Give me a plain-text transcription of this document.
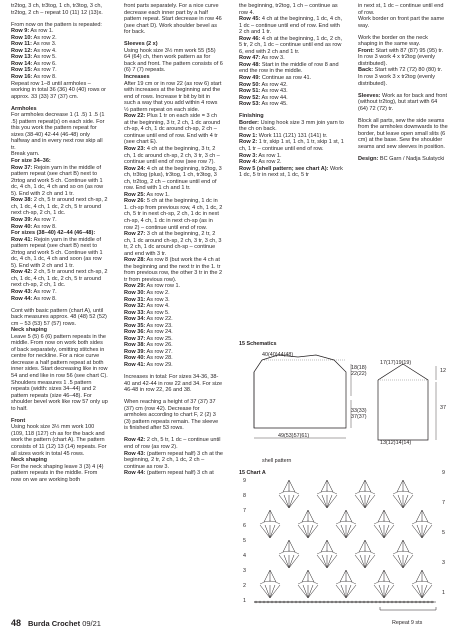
tr2tog, 3 ch, tr3tog, 1 ch, tr3tog, 3 ch, tr2tog, 2 ch – repeat 10 (11) 12 (13)x.

From now on the pattern is repeated:

Row 9: As row 1.

Row 10: As row 2.

Row 11: As row 3.

Row 12: As row 4.

Row 13: As row 5.

Row 14: As row 6.

Row 15: As row 7.

Row 16: As row 8.

Repeat row 1–8 until armholes – working in total 36 (36) 40 (40) rows or approx. 33 (33) 37 (37) cm.

Armholes

For armholes decrease 1 (1 .5) 1 .5 (1 .5) pattern repeat(s) on each side. For this you work the pattern repeat for sizes (38-40) 42-44 (46-48) only halfway and in every next row skip all tr.

Break yarn.

For size 34–36:

Row 37: Rejoin yarn in the middle of pattern repeat (see chart B) next to 2trtog and work 5 ch. Continue with 1 dc, 4 ch, 1 dc, 4 ch and so on (as row 5). End with 2 ch and 1 tr.

Row 38: 2 ch, 5 tr around next ch-sp, 2 ch, 1 dc, 4 ch, 1 dc, 2 ch, 5 tr around next ch-sp, 2 ch, 1 dc.

Row 39: As row 7.

Row 40: As row 8.

For sizes (38–40) 42–44 (46–48):

Row 41: Rejoin yarn in the middle of pattern repeat (see chart B) next to 2trtog and work 5 ch. Continue with 1 dc, 4 ch, 1 dc, 4 ch and soon (as row 5). End with 2 ch and 1 tr.

Row 42: 2 ch, 5 tr around next ch-sp, 2 ch, 1 dc, 4 ch, 1 dc, 2 ch, 5 tr around next ch-sp, 2 ch, 1 dc.

Row 43: As row 7.

Row 44: As row 8.

Cont with basic pattern (chart A), until back measures approx. 48 (48) 52 (52) cm – 53 (53) 57 (57) rows.

Neck shaping

Leave 5 (5) 6 (6) pattern repeats in the middle. From now on work both sides of back separately, omitting stitches in centre for neckline. For a nice curve decrease a half pattern repeat at both inner sides. Start decreasing like in row 54 and end like in row 56 (see chart C). Shoulders measures 1 .5 pattern repeats (width: sizes 34–44) and 2 pattern repeats (size 46–48). For shoulder bevel work like row 57 only up to half.

Front

Using hook size 3½ mm work 100 (109, 118 (127) ch as for the back and work the pattern (chart A). The pattern consists of 11 (12) 13 (14) repeats. For all sizes work in total 45 rows.

Neck shaping

For the neck shaping leave 3 (3) 4 (4) pattern repeats in the middle. From now on we are working both

front parts separately. For a nice curve decrease each inner part by a half pattern repeat. Start decrease in row 46 (see chart D). Work shoulder bevel as for back.

Sleeves (2 x)

Using hook size 3½ mm work 55 (55) 64 (64) ch, then work pattern as for back and front. The pattern consists of 6 (6) 7 (7) repeats.

Increases

After 19 cm or in row 22 (as row 6) start with increases at the beginning and the end of rows. Increase tr bit by bit in such a way that you add within 4 rows ½ pattern repeat on each side.

Row 22: Plus 1 tr on each side = 3 ch at the beginning, 3 tr, 2 ch, 1 dc around ch-sp, 4 ch, 1 dc around ch-sp, 2 ch – continue until end of row. End with 4 tr (see chart E).

Row 23: 4 ch at the beginning, 3 tr, 2 ch, 1 dc around ch-sp, 2 ch, 3 tr, 3 ch – continue until end of row (see row 7).

Row 24: 4 ch at the beginning, tr2tog, 3 ch, tr3tog (plus), tr3tog, 1 ch, tr3tog, 3 ch, tr2tog, 2 ch – continue until end of row. End with 1 ch and 1 tr.

Row 25: As row 1.

Row 26: 5 ch at the beginning, 1 dc in 1. ch-sp from previous row, 4 ch, 1 dc, 2 ch, 5 tr in next ch-sp, 2 ch, 1 dc in next ch-sp, 4 ch, 1 dc in next ch-sp (as in row 2) – continue until end of row.

Row 27: 3 ch at the beginning, 2 tr, 2 ch, 1 dc around ch-sp, 2 ch, 3 tr, 3 ch, 3 tr, 2 ch, 1 dc around ch-sp – continue and end with 3 tr.

Row 28: As row 8 (but work the 4 ch at the beginning and the next tr in the 1. tr from previous row, the other 3 tr in the 2 tr from previous row).

Row 29: As row row 1.

Row 30: As row 2.

Row 31: As row 3.

Row 32: As row 4.

Row 33: As row 5.

Row 34: As row 22.

Row 35: As row 23.

Row 36: As row 24.

Row 37: As row 25.

Row 38: As row 26.

Row 39: As row 27.

Row 40: As row 28.

Row 41: As row 29.

Increases in total: For sizes 34-36, 38-40 and 42-44 in row 22 and 34. For size 46-48 in row 22, 26 and 38.

When reaching a height of 37 (37) 37 (37) cm (row 42). Decrease for armholes according to chart F, 2 (2) 3 (3) pattern repeats remain. The sleeve is finished after 53 rows.

Row 42: 2 ch, 5 tr, 1 dc – continue until end of row (as row 2).

Row 43: (pattern repeat half) 3 ch at the beginning, 2 tr, 2 ch, 1 dc, 2 ch – continue as row 3.

Row 44: (pattern repeat half) 3 ch at

the beginning, tr2tog, 1 ch – continue as row 4.

Row 45: 4 ch at the beginning, 1 dc, 4 ch, 1 dc – continue until end of row. End with 2 ch and 1 tr.

Row 46: 4 ch at the beginning, 1 dc, 2 ch, 5 tr, 2 ch, 1 dc – continue until end as row 6, end with 2 ch and 1 tr.

Row 47: As row 3.

Row 48: Start in the middle of row 8 and end the row in the middle.

Row 49: Continue as row 41.

Row 50: As row 42.

Row 51: As row 43.

Row 52: As row 44.

Row 53: As row 45.

Finishing

Border: Using hook size 3 mm join yarn to the ch on back.

Row 1: Work 111 (121) 131 (141) tr.

Row 2: 1 tr, skip 1 st, 1 ch, 1 tr, skip 1 st, 1 ch, 1 tr – continue until end of row.

Row 3: As row 1.

Row 4: As row 2.

Row 5 (shell pattern; see chart A): Work 1 dc, 5 tr in next st, 1 dc, 5 tr

in next st, 1 dc – continue until end of row.

Work border on front part the same way.

Work the border on the neck shaping in the same way.

Front: Start with 87 (87) 95 (95) tr. In row 3 work 4 x tr2tog (evenly distributed).

Back: Start with 72 (72) 80 (80) tr. In row 3 work 3 x tr2tog (evenly distributed).

Sleeves: Work as for back and front (without tr2tog), but start with 64 (64) 72 (72) tr.

Block all parts, sew the side seams from the armholes downwards to the border, but leave open small slits (6 cm) at the base. Sew the shoulder seams and sew sleeves in position.

Design: BC Garn / Nadja Sulatycki

15 Schematics
40(40)44(48)
18(18)
22(22)
33(33)
37(37)
49(53)57(61)
17(17)19(19)
12
37
13(12)14(14)
shell pattern
15 Chart A
9
8
7
6
5
4
3
2
1
9
7
5
3
1
Repeat 9 sts
48 Burda Crochet 09/21
